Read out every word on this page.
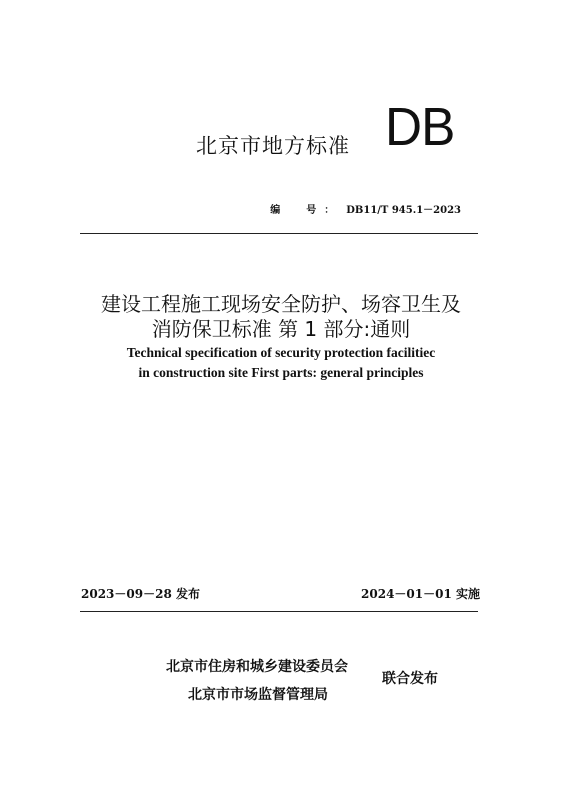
北京市地方标准 DB
编　号： DB11/T 945.1－2023
建设工程施工现场安全防护、场容卫生及
消防保卫标准 第 1 部分:通则
Technical specification of security protection facilitiec
in construction site First parts: general principles
2023－09－28 发布	2024－01－01 实施
北京市住房和城乡建设委员会
北京市市场监督管理局
联合发布
